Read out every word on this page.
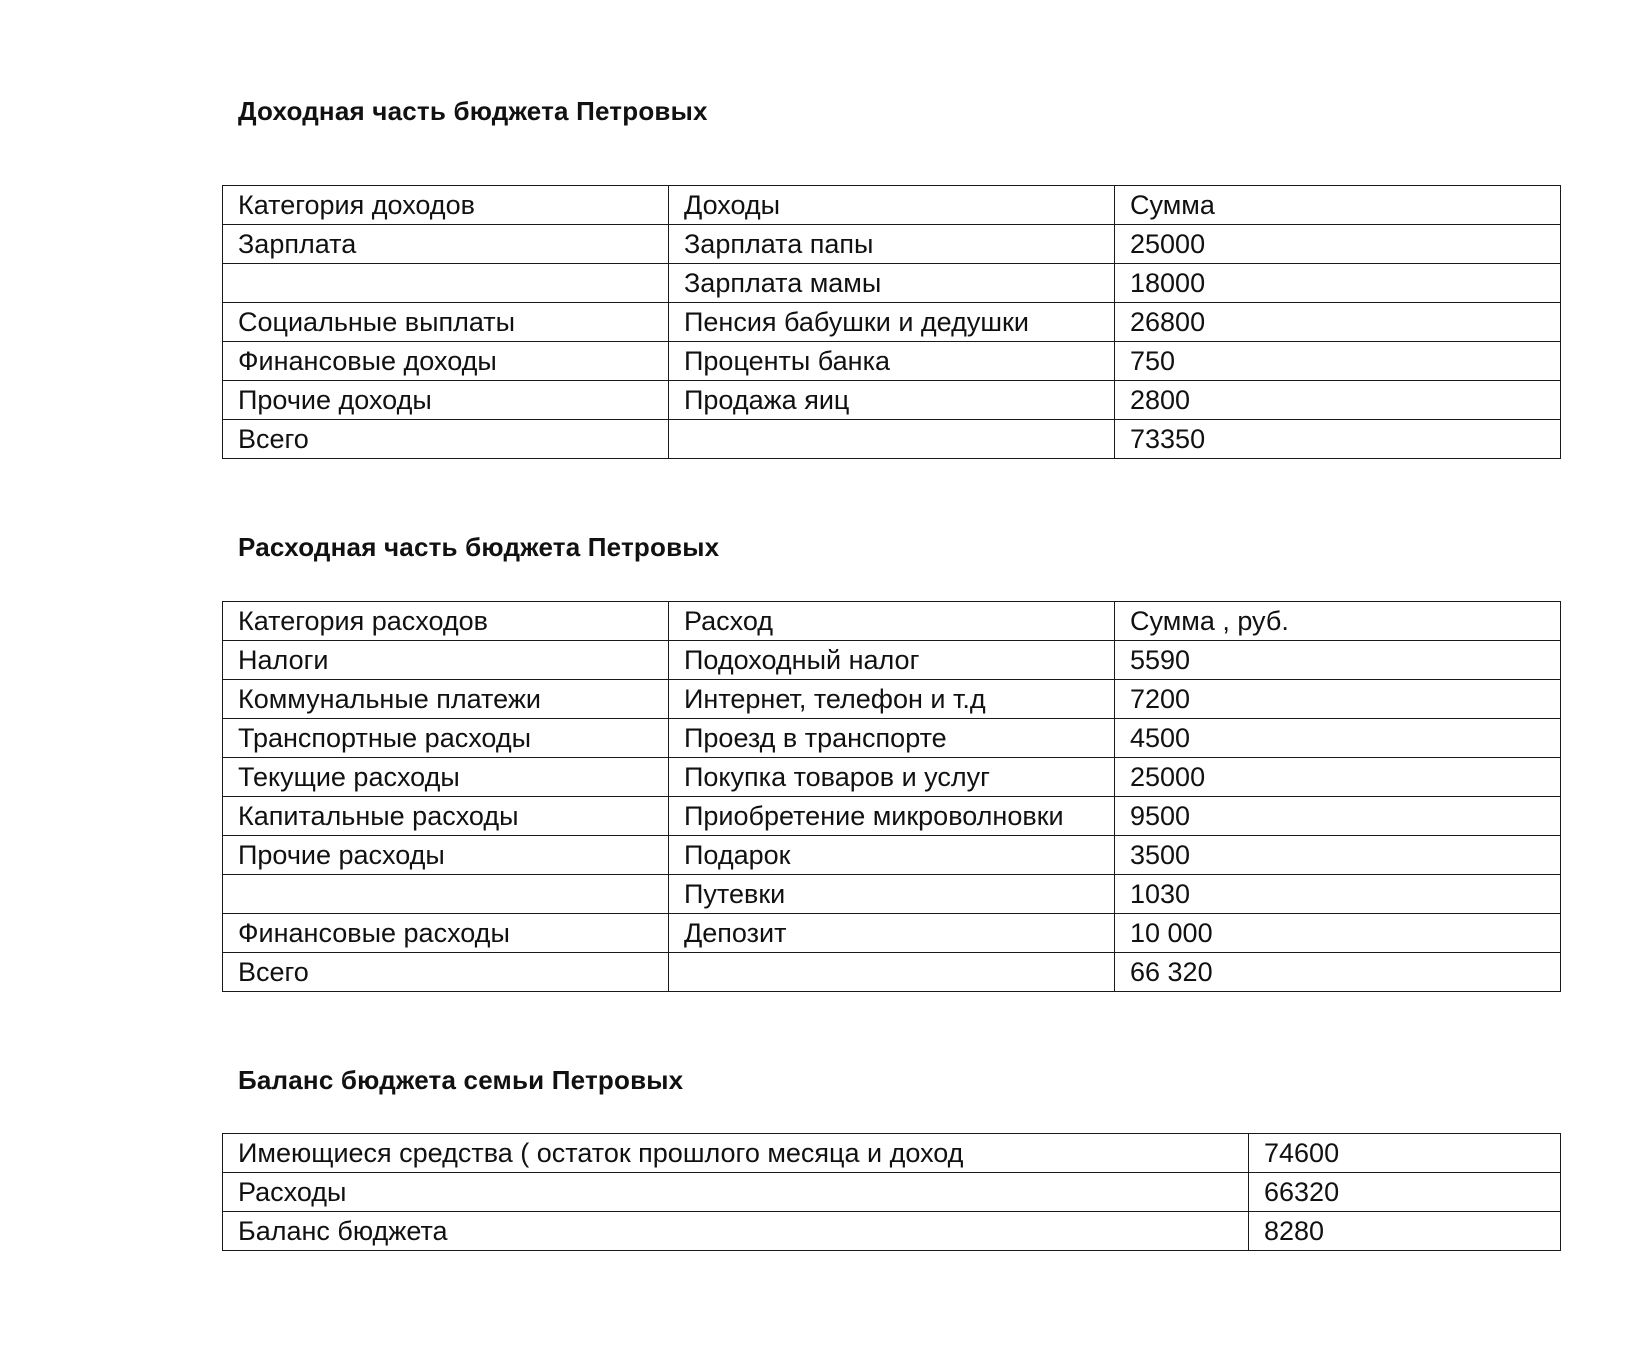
Доходная часть бюджета Петровых
Категория доходов	Доходы	Сумма
Зарплата	Зарплата папы	25000
	Зарплата мамы	18000
Социальные выплаты	Пенсия бабушки и дедушки	26800
Финансовые доходы	Проценты банка	750
Прочие доходы	Продажа яиц	2800
Всего		73350
Расходная часть бюджета Петровых
Категория расходов	Расход	Сумма , руб.
Налоги	Подоходный налог	5590
Коммунальные платежи	Интернет, телефон и т.д	7200
Транспортные расходы	Проезд в транспорте	4500
Текущие расходы	Покупка товаров и услуг	25000
Капитальные расходы	Приобретение микроволновки	9500
Прочие расходы	Подарок	3500
	Путевки	1030
Финансовые расходы	Депозит	10 000
Всего		66 320
Баланс бюджета семьи Петровых
Имеющиеся средства ( остаток прошлого месяца и доход	74600
Расходы	66320
Баланс бюджета	8280
